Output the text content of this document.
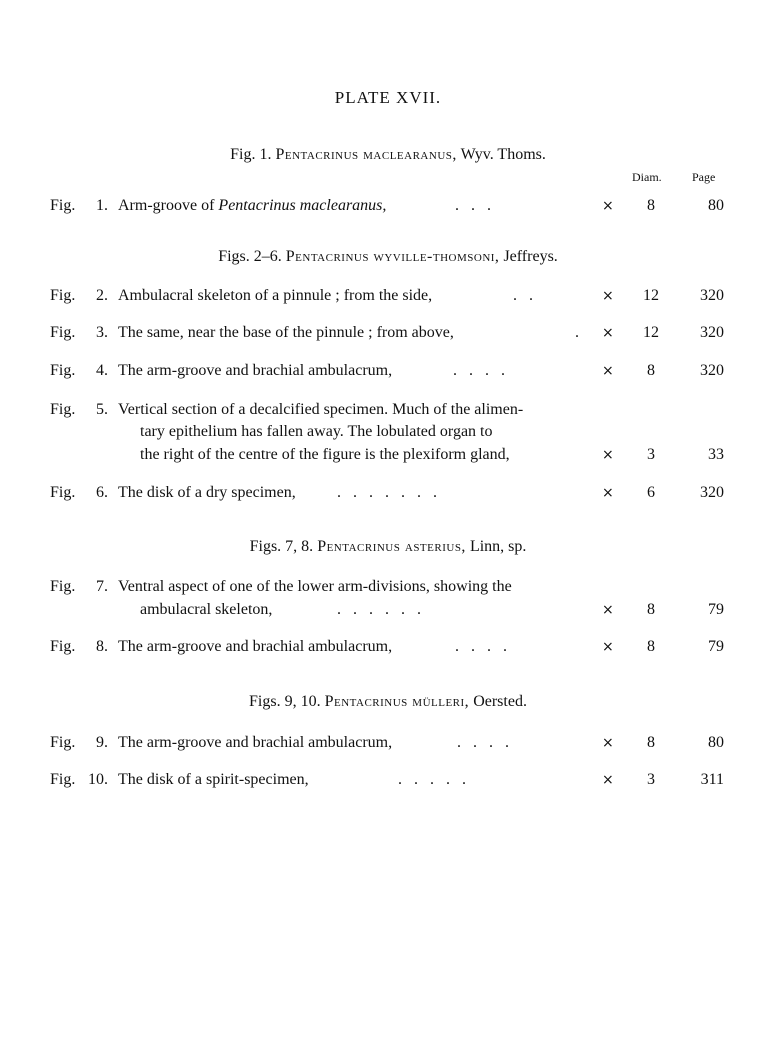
PLATE XVII.
Fig. 1. Pentacrinus maclearanus, Wyv. Thoms.
Diam.	Page
Fig.	1. Arm-groove of Pentacrinus maclearanus,	.   .   .	×	8	80
Figs. 2–6. Pentacrinus wyville-thomsoni, Jeffreys.
Fig.	2. Ambulacral skeleton of a pinnule ; from the side,	.   .	×	12	320
Fig.	3. The same, near the base of the pinnule ; from above,	. ×	12	320
Fig.	4. The arm-groove and brachial ambulacrum,	.   .   .   .	×	8	320
Fig.	5. Vertical section of a decalcified specimen. Much of the alimen-
tary epithelium has fallen away. The lobulated organ to
the right of the centre of the figure is the plexiform gland,	×	3	33
Fig.	6. The disk of a dry specimen,	.   .   .   .   .   .   .	×	6	320
Figs. 7, 8. Pentacrinus asterius, Linn, sp.
Fig.	7. Ventral aspect of one of the lower arm-divisions, showing the
ambulacral skeleton,	.   .   .   .   .   .	×	8	79
Fig.	8. The arm-groove and brachial ambulacrum,	.   .   .   .	×	8	79
Figs. 9, 10. Pentacrinus mülleri, Oersted.
Fig.	9. The arm-groove and brachial ambulacrum,	.   .   .   .	×	8	80
Fig. 10. The disk of a spirit-specimen,	.   .   .   .   .	×	3	311
